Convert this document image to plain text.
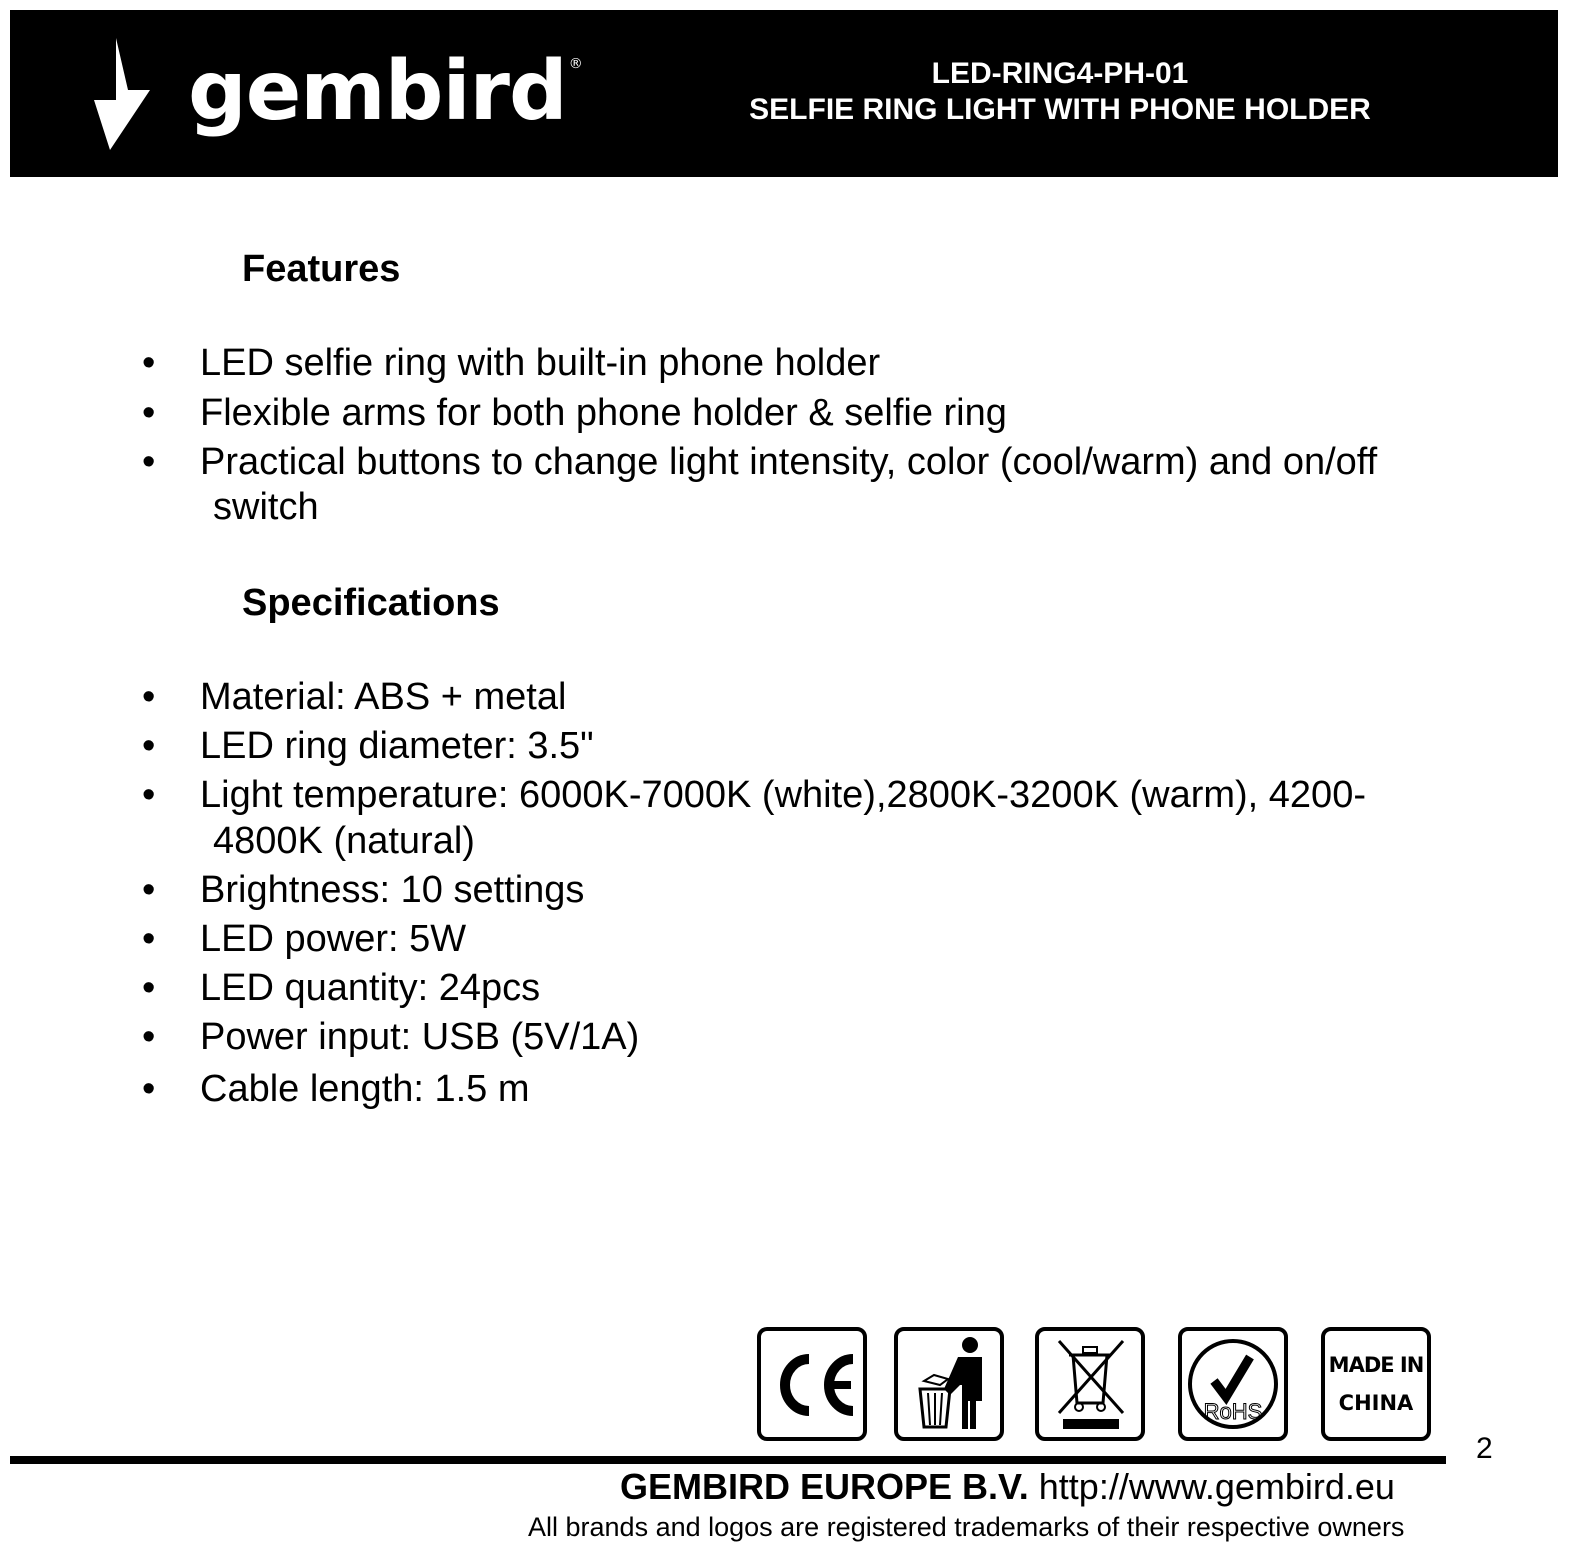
gembird ®	LED-RING4-PH-01
SELFIE RING LIGHT WITH PHONE HOLDER
Features
• LED selfie ring with built-in phone holder
• Flexible arms for both phone holder & selfie ring
• Practical buttons to change light intensity, color (cool/warm) and on/off
switch
Specifications
• Material: ABS + metal
• LED ring diameter: 3.5"
• Light temperature: 6000K-7000K (white),2800K-3200K (warm), 4200-
4800K (natural)
• Brightness: 10 settings
• LED power: 5W
• LED quantity: 24pcs
• Power input: USB (5V/1A)
• Cable length: 1.5 m
RoHS
MADE IN
CHINA
2
GEMBIRD EUROPE B.V. http://www.gembird.eu
All brands and logos are registered trademarks of their respective owners
